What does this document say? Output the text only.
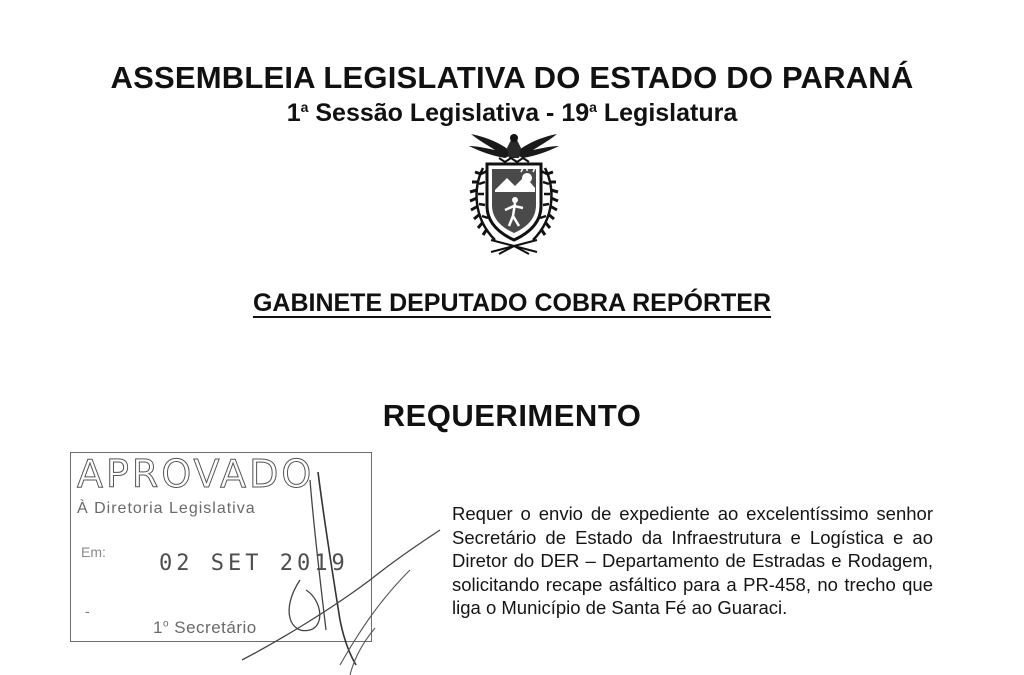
ASSEMBLEIA LEGISLATIVA DO ESTADO DO PARANÁ
1$^a$ Sessão Legislativa - 19$^a$ Legislatura
GABINETE DEPUTADO COBRA REPÓRTER
REQUERIMENTO
APROVADO
À Diretoria Legislativa
Em: 02 SET 2019
-
1$^o$ Secretário
Requer o envio de expediente ao excelentíssimo senhor Secretário de Estado da Infraestrutura e Logística e ao Diretor do DER – Departamento de Estradas e Rodagem, solicitando recape asfáltico para a PR-458, no trecho que liga o Município de Santa Fé ao Guaraci.
